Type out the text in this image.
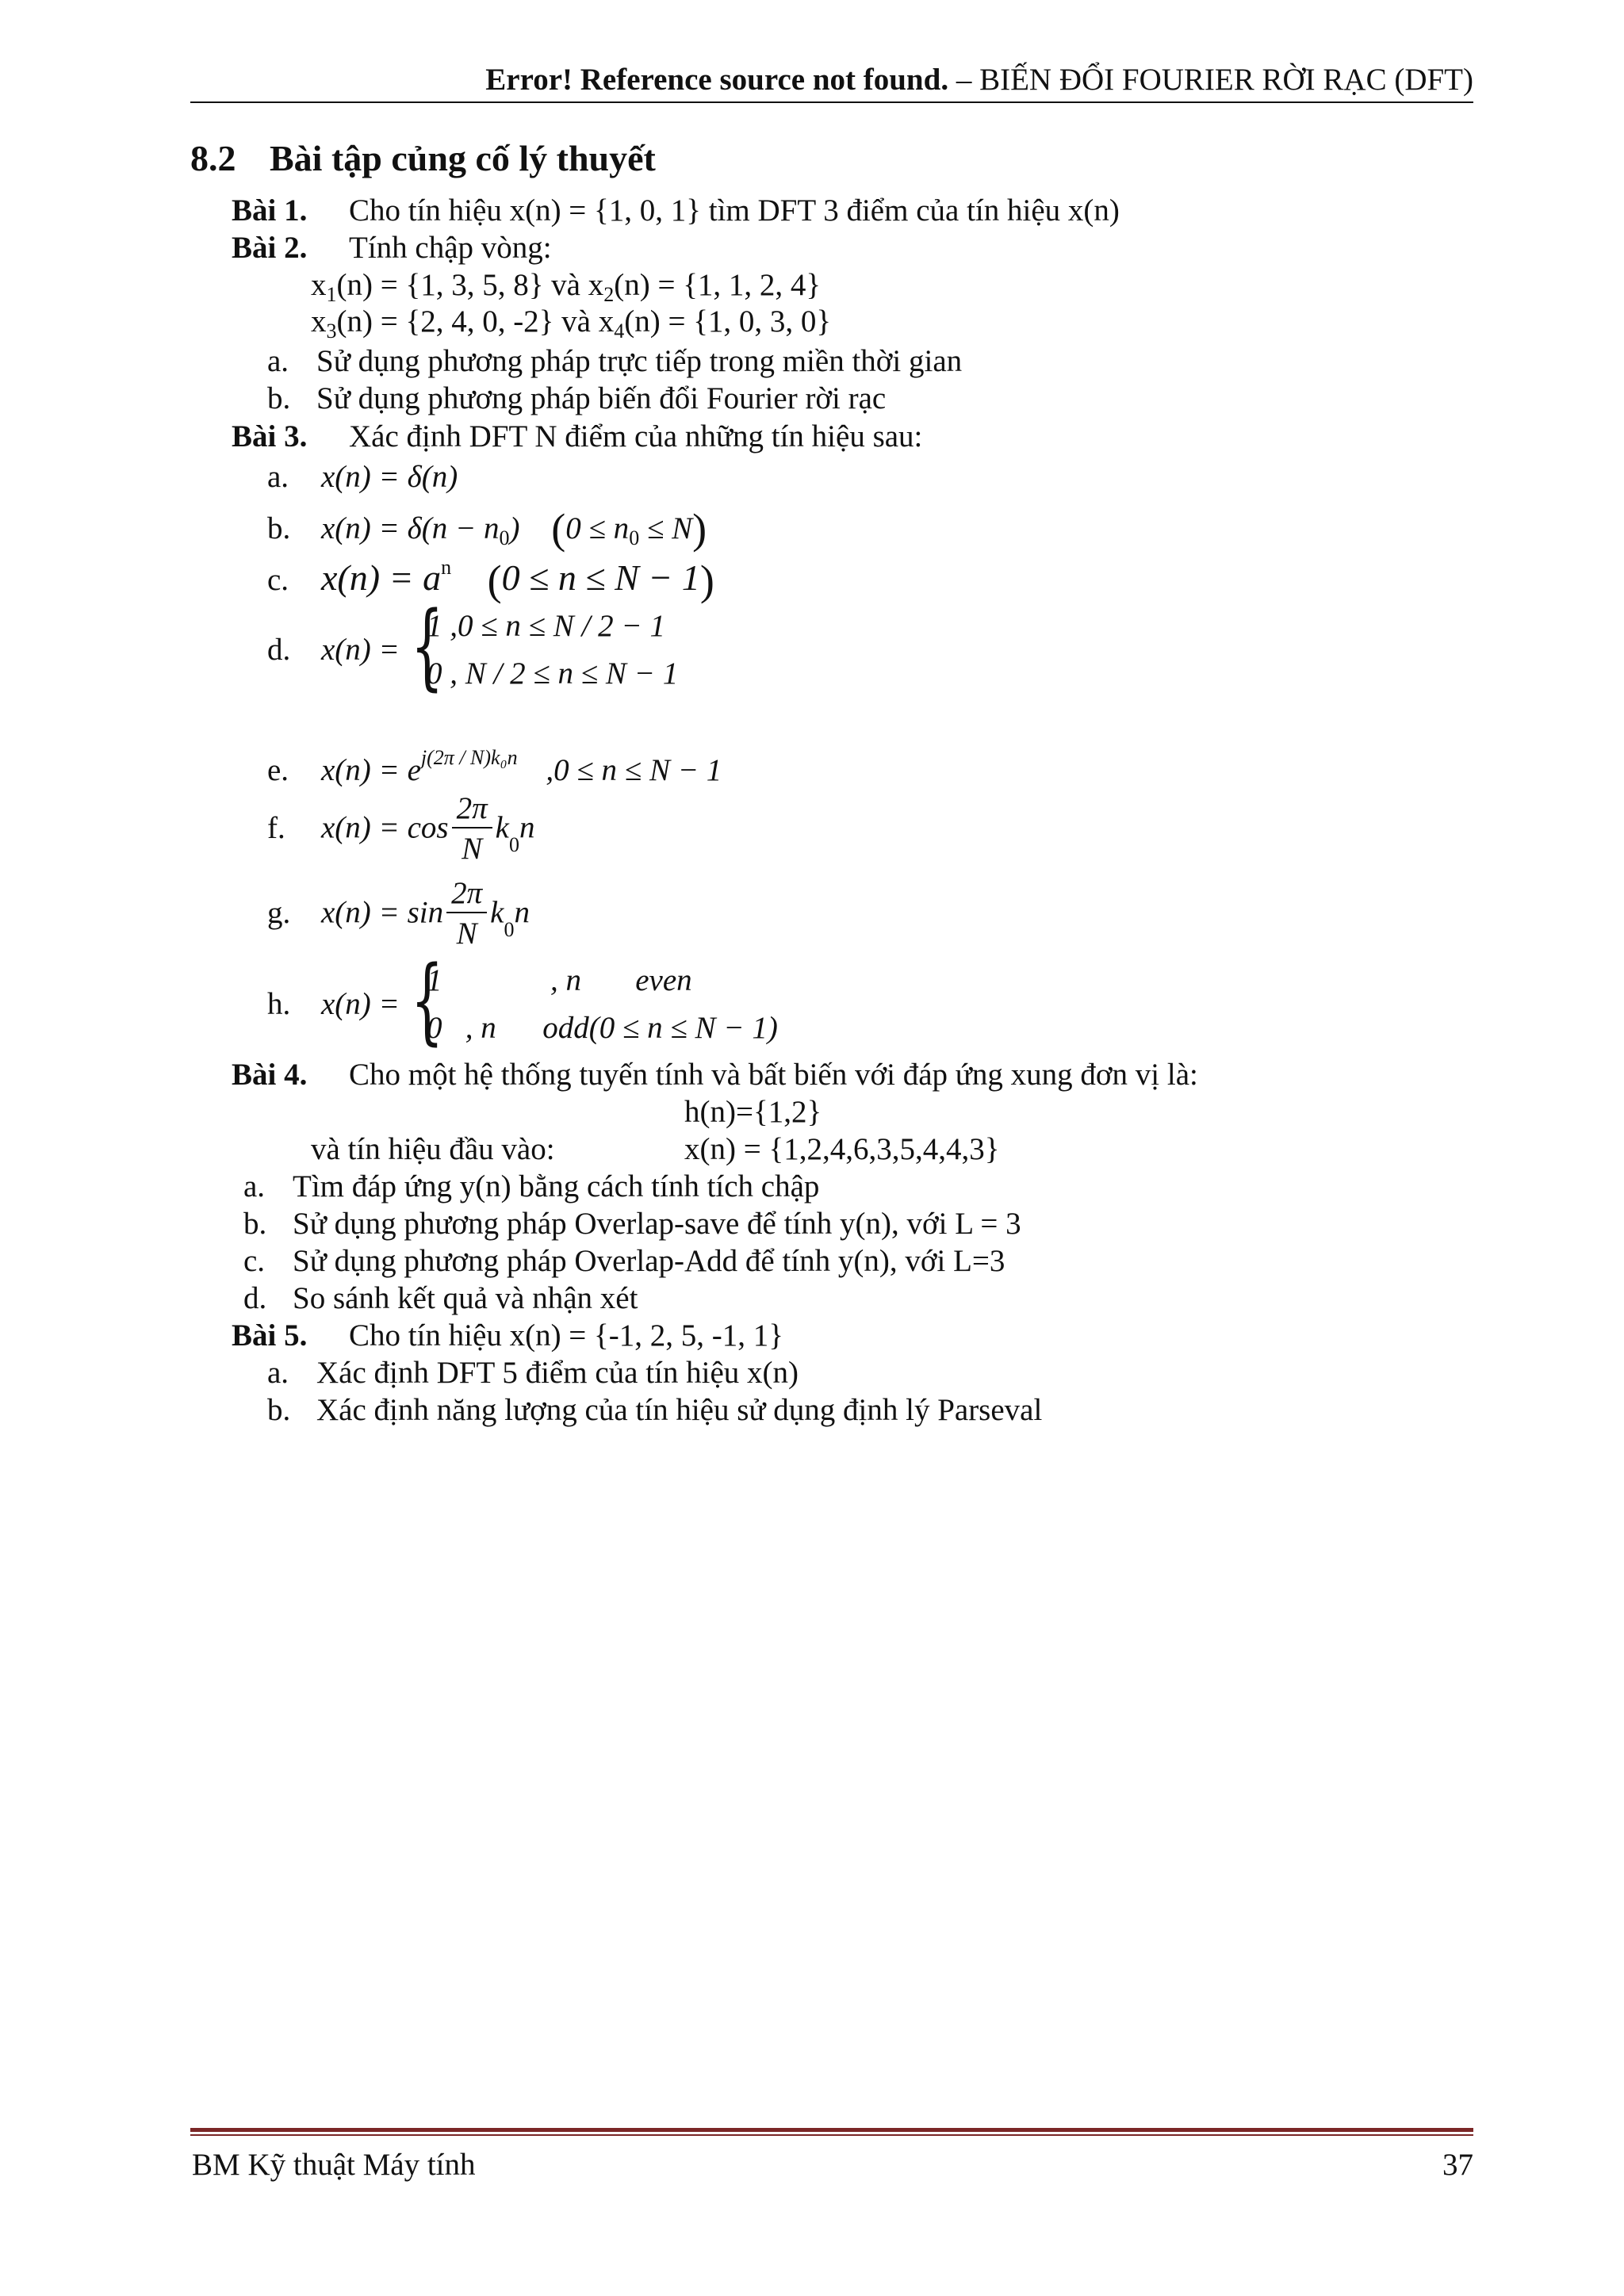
Error! Reference source not found. – BIẾN ĐỔI FOURIER RỜI RẠC (DFT)
8.2 Bài tập củng cố lý thuyết
Bài 1. Cho tín hiệu x(n) = {1, 0, 1} tìm DFT 3 điểm của tín hiệu x(n)
Bài 2. Tính chập vòng:
$x_1(n) = \{1$, 3, 5, 8} và $x_2(n) = \{1$, 1, 2, 4}
$x_3(n) = \{2$, 4, 0, -2} và $x_4(n) = \{1$, 0, 3, 0}
a. Sử dụng phương pháp trực tiếp trong miền thời gian
b. Sử dụng phương pháp biến đổi Fourier rời rạc
Bài 3. Xác định DFT N điểm của những tín hiệu sau:
a. x(n) = δ(n)
b. $x(n) = \delta(n - n_0)$ $(0 \le n_0 \le N)$
c. $x(n) = a^n$ (0 ≤ n ≤ N − 1)
d. x(n) = {
1 ,0 ≤ n ≤ N / 2 − 1
0 , N / 2 ≤ n ≤ N − 1
e. $x(n) = e^{j(2\pi / N)k_0n}$ ,0 ≤ n ≤ N − 1
f. $x(n) = \cos \frac{2\pi}{N} k_0n$
g. $x(n) = \sin \frac{2\pi}{N} k_0n$
h. x(n) = {
1              , n       even
0   , n      odd(0 ≤ n ≤ N − 1)
Bài 4. Cho một hệ thống tuyến tính và bất biến với đáp ứng xung đơn vị là:
h(n)={1,2}
và tín hiệu đầu vào:	x(n) = {1,2,4,6,3,5,4,4,3}
a. Tìm đáp ứng y(n) bằng cách tính tích chập
b. Sử dụng phương pháp Overlap-save để tính y(n), với L = 3
c. Sử dụng phương pháp Overlap-Add để tính y(n), với L=3
d. So sánh kết quả và nhận xét
Bài 5. Cho tín hiệu x(n) = {-1, 2, 5, -1, 1}
a. Xác định DFT 5 điểm của tín hiệu x(n)
b. Xác định năng lượng của tín hiệu sử dụng định lý Parseval
BM Kỹ thuật Máy tính	37
